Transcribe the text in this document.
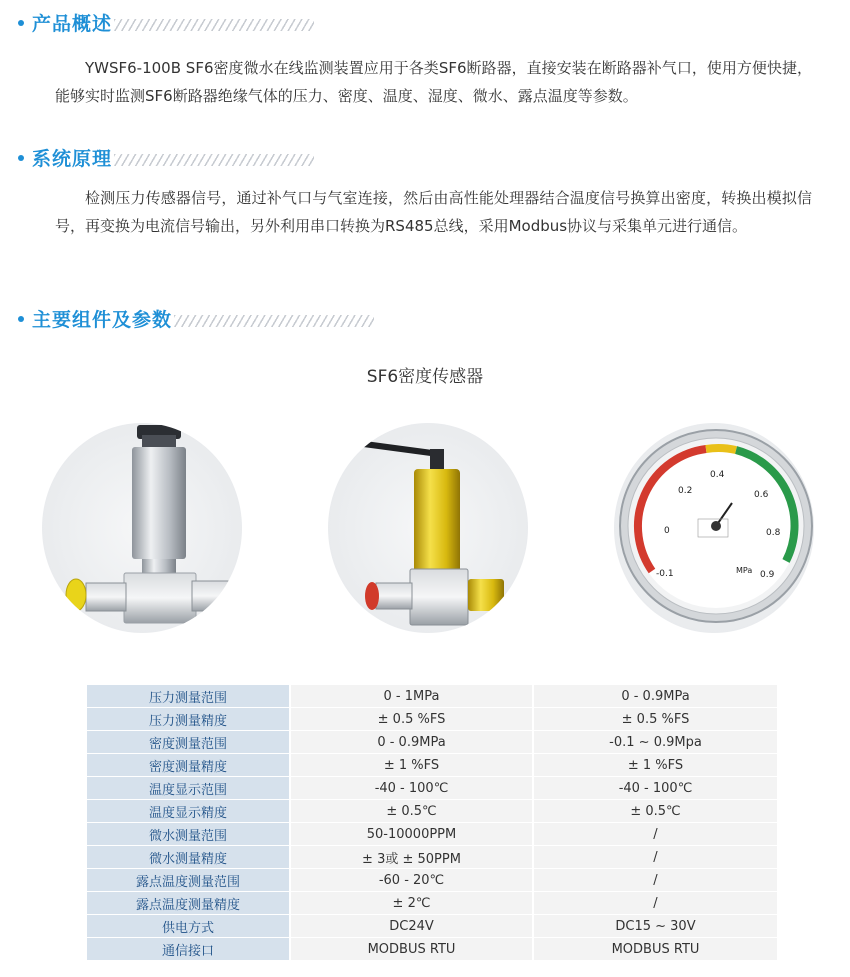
产品概述

YWSF6-100B SF6密度微水在线监测装置应用于各类SF6断路器，直接安装在断路器补气口，使用方便快捷，能够实时监测SF6断路器绝缘气体的压力、密度、温度、湿度、微水、露点温度等参数。

系统原理

检测压力传感器信号，通过补气口与气室连接，然后由高性能处理器结合温度信号换算出密度，转换出模拟信号，再变换为电流信号输出，另外利用串口转换为RS485总线，采用Modbus协议与采集单元进行通信。

主要组件及参数
SF6密度传感器
-0.1
0
0.2
0.4
0.6
0.8
0.9
MPa
压力测量范围	0 - 1MPa	0 - 0.9MPa
压力测量精度	± 0.5 %FS	± 0.5 %FS
密度测量范围	0 - 0.9MPa	-0.1 ~ 0.9Mpa
密度测量精度	± 1 %FS	± 1 %FS
温度显示范围	-40 - 100℃	-40 - 100℃
温度显示精度	± 0.5℃	± 0.5℃
微水测量范围	50-10000PPM	/
微水测量精度	± 3或 ± 50PPM	/
露点温度测量范围	-60 - 20℃	/
露点温度测量精度	± 2℃	/
供电方式	DC24V	DC15 ~ 30V
通信接口	MODBUS RTU	MODBUS RTU
